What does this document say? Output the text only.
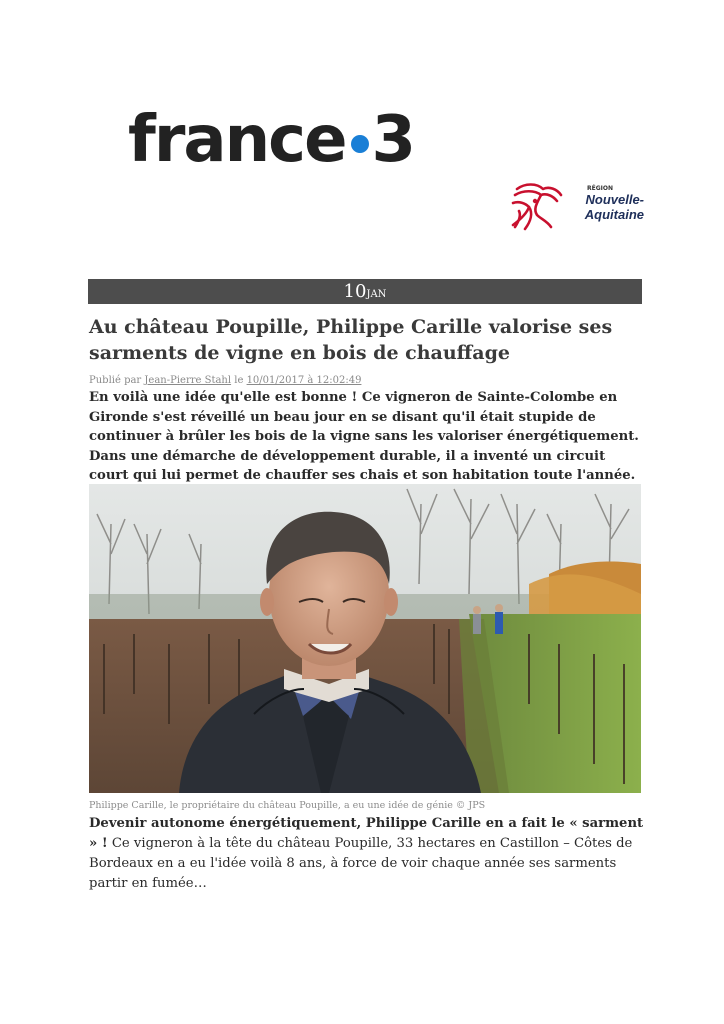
france 3
RÉGION
Nouvelle-
Aquitaine
10JAN
Au château Poupille, Philippe Carille valorise ses sarments de vigne en bois de chauffage
Publié par Jean-Pierre Stahl le 10/01/2017 à 12:02:49

En voilà une idée qu'elle est bonne ! Ce vigneron de Sainte-Colombe en Gironde s'est réveillé un beau jour en se disant qu'il était stupide de continuer à brûler les bois de la vigne sans les valoriser énergétiquement. Dans une démarche de développement durable, il a inventé un circuit court qui lui permet de chauffer ses chais et son habitation toute l'année.

Philippe Carille, le propriétaire du château Poupille, a eu une idée de génie © JPS

Devenir autonome énergétiquement, Philippe Carille en a fait le « sarment » ! Ce vigneron à la tête du château Poupille, 33 hectares en Castillon – Côtes de Bordeaux en a eu l'idée voilà 8 ans, à force de voir chaque année ses sarments partir en fumée…
